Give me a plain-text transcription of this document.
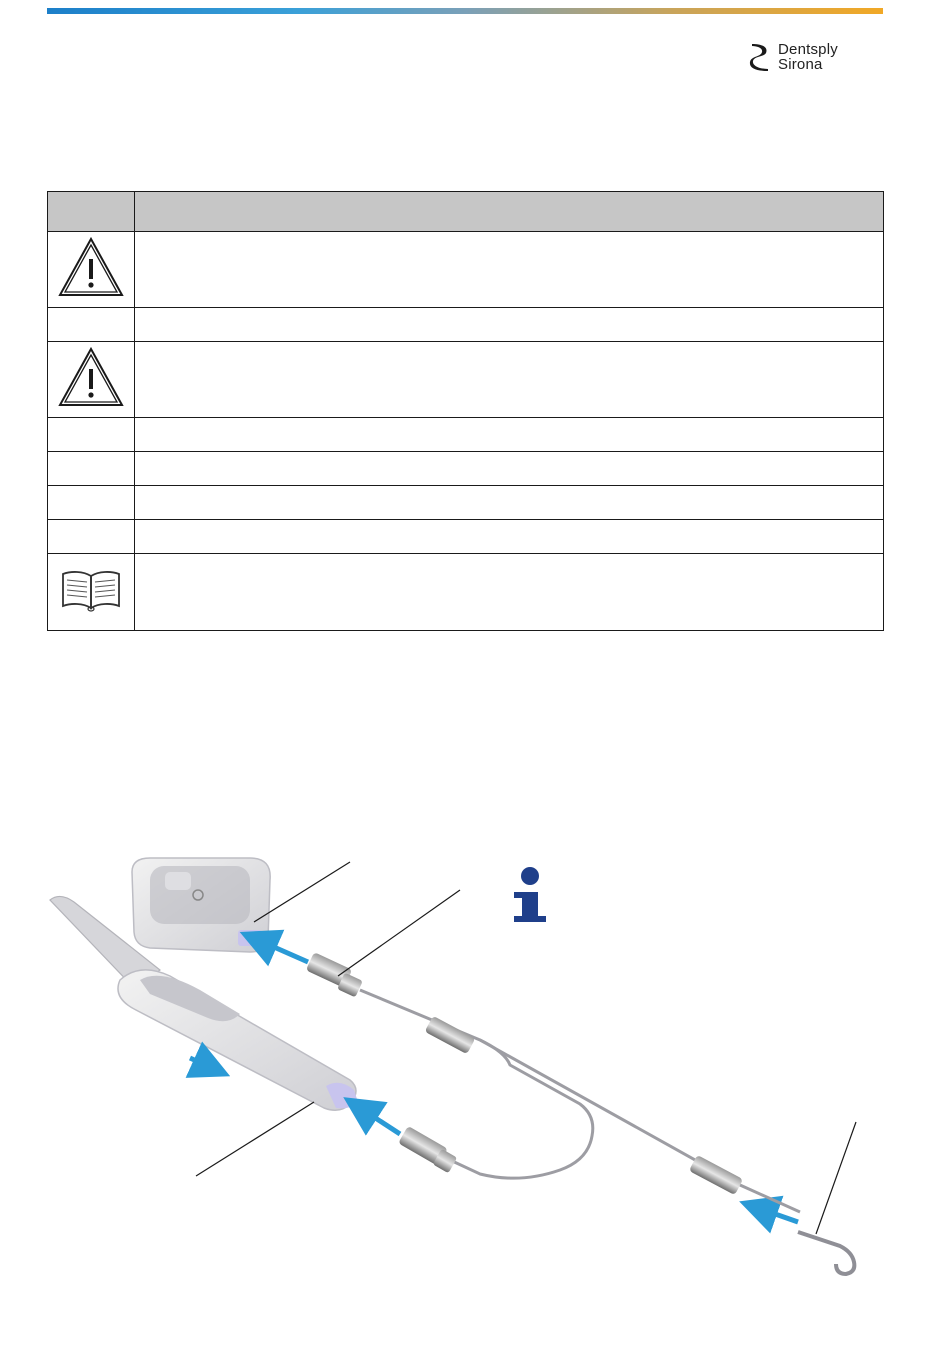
Dentsply
Sirona
